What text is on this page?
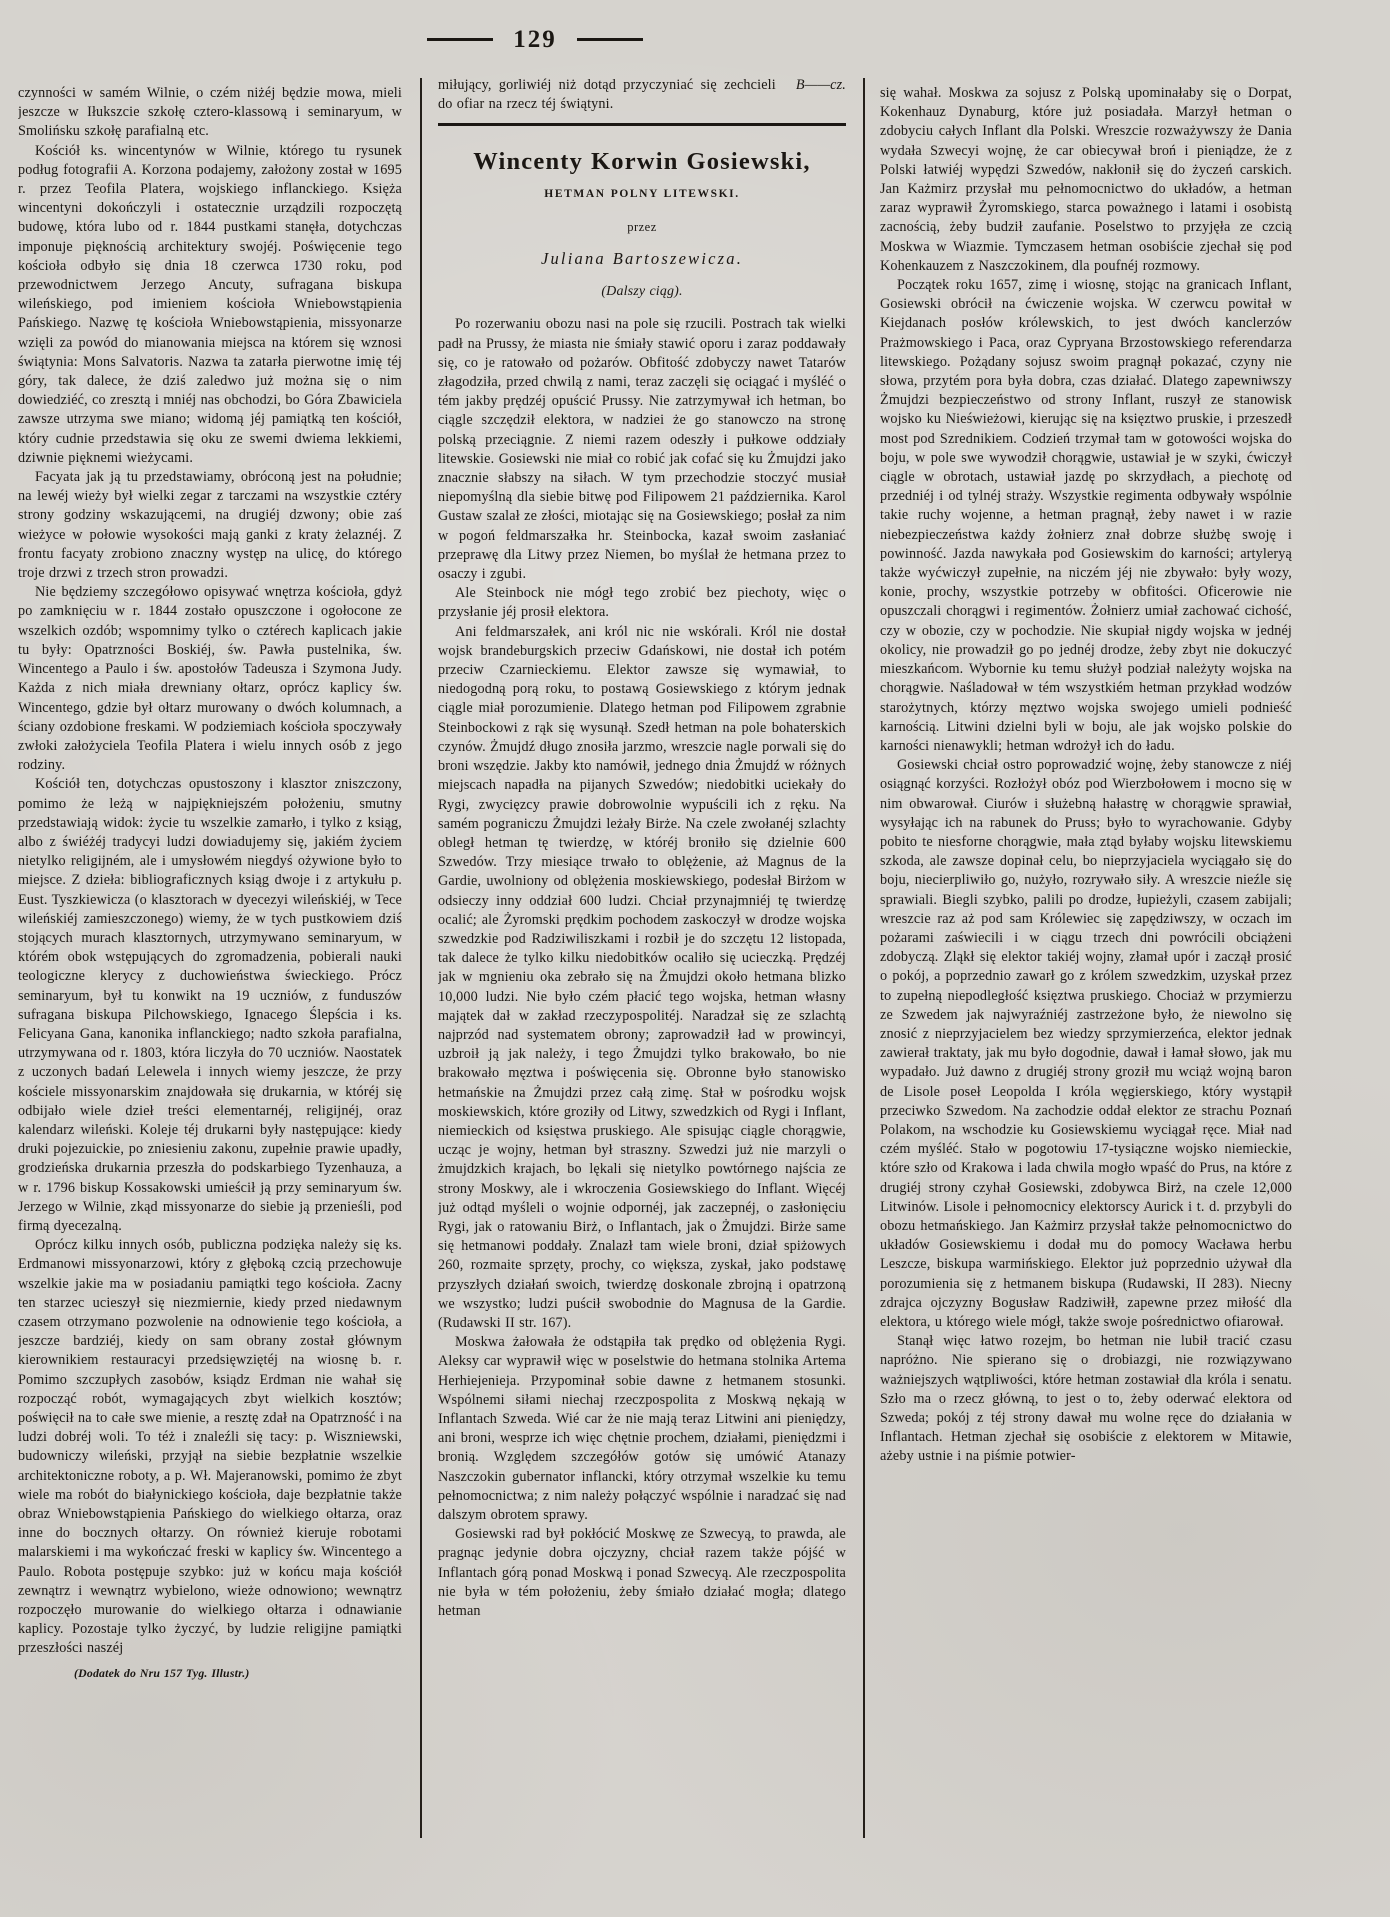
129

czynności w samém Wilnie, o czém niżéj będzie mowa, mieli jeszcze w Iłukszcie szkołę cztero-klassową i seminaryum, w Smolińsku szkołę parafialną etc.

Kościół ks. wincentynów w Wilnie, którego tu rysunek podług fotografii A. Korzona podajemy, założony został w 1695 r. przez Teofila Platera, wojskiego inflanckiego. Księża wincentyni dokończyli i ostatecznie urządzili rozpoczętą budowę, która lubo od r. 1844 pustkami stanęła, dotychczas imponuje pięknością architektury swojéj. Poświęcenie tego kościoła odbyło się dnia 18 czerwca 1730 roku, pod przewodnictwem Jerzego Ancuty, sufragana biskupa wileńskiego, pod imieniem kościoła Wniebowstąpienia Pańskiego. Nazwę tę kościoła Wniebowstąpienia, missyonarze wzięli za powód do mianowania miejsca na którem się wznosi świątynia: Mons Salvatoris. Nazwa ta zatarła pierwotne imię téj góry, tak dalece, że dziś zaledwo już można się o nim dowiedziéć, co zresztą i mniéj nas obchodzi, bo Góra Zbawiciela zawsze utrzyma swe miano; widomą jéj pamiątką ten kościół, który cudnie przedstawia się oku ze swemi dwiema lekkiemi, dziwnie pięknemi wieżycami.

Facyata jak ją tu przedstawiamy, obróconą jest na południe; na lewéj wieży był wielki zegar z tarczami na wszystkie cztéry strony godziny wskazującemi, na drugiéj dzwony; obie zaś wieżyce w połowie wysokości mają ganki z kraty żelaznéj. Z frontu facyaty zrobiono znaczny występ na ulicę, do którego troje drzwi z trzech stron prowadzi.

Nie będziemy szczegółowo opisywać wnętrza kościoła, gdyż po zamknięciu w r. 1844 zostało opuszczone i ogołocone ze wszelkich ozdób; wspomnimy tylko o cztérech kaplicach jakie tu były: Opatrzności Boskiéj, św. Pawła pustelnika, św. Wincentego a Paulo i św. apostołów Tadeusza i Szymona Judy. Każda z nich miała drewniany ołtarz, oprócz kaplicy św. Wincentego, gdzie był ołtarz murowany o dwóch kolumnach, a ściany ozdobione freskami. W podziemiach kościoła spoczywały zwłoki założyciela Teofila Platera i wielu innych osób z jego rodziny.

Kościół ten, dotychczas opustoszony i klasztor zniszczony, pomimo że leżą w najpiękniejszém położeniu, smutny przedstawiają widok: życie tu wszelkie zamarło, i tylko z ksiąg, albo z świéżéj tradycyi ludzi dowiadujemy się, jakiém życiem nietylko religijném, ale i umysłowém niegdyś ożywione było to miejsce. Z dzieła: bibliograficznych ksiąg dwoje i z artykułu p. Eust. Tyszkiewicza (o klasztorach w dyecezyi wileńskiéj, w Tece wileńskiéj zamieszczonego) wiemy, że w tych pustkowiem dziś stojących murach klasztornych, utrzymywano seminaryum, w którém obok wstępujących do zgromadzenia, pobierali nauki teologiczne klerycy z duchowieństwa świeckiego. Prócz seminaryum, był tu konwikt na 19 uczniów, z funduszów sufragana biskupa Pilchowskiego, Ignacego Ślepścia i ks. Felicyana Gana, kanonika inflanckiego; nadto szkoła parafialna, utrzymywana od r. 1803, która liczyła do 70 uczniów. Naostatek z uczonych badań Lelewela i innych wiemy jeszcze, że przy kościele missyonarskim znajdowała się drukarnia, w któréj się odbijało wiele dzieł treści elementarnéj, religijnéj, oraz kalendarz wileński. Koleje téj drukarni były następujące: kiedy druki pojezuickie, po zniesieniu zakonu, zupełnie prawie upadły, grodzieńska drukarnia przeszła do podskarbiego Tyzenhauza, a w r. 1796 biskup Kossakowski umieścił ją przy seminaryum św. Jerzego w Wilnie, zkąd missyonarze do siebie ją przenieśli, pod firmą dyecezalną.

Oprócz kilku innych osób, publiczna podzięka należy się ks. Erdmanowi missyonarzowi, który z głęboką czcią przechowuje wszelkie jakie ma w posiadaniu pamiątki tego kościoła. Zacny ten starzec ucieszył się niezmiernie, kiedy przed niedawnym czasem otrzymano pozwolenie na odnowienie tego kościoła, a jeszcze bardziéj, kiedy on sam obrany został głównym kierownikiem restauracyi przedsięwziętéj na wiosnę b. r. Pomimo szczupłych zasobów, ksiądz Erdman nie wahał się rozpocząć robót, wymagających zbyt wielkich kosztów; poświęcił na to całe swe mienie, a resztę zdał na Opatrzność i na ludzi dobréj woli. To téż i znaleźli się tacy: p. Wiszniewski, budowniczy wileński, przyjął na siebie bezpłatnie wszelkie architektoniczne roboty, a p. Wł. Majeranowski, pomimo że zbyt wiele ma robót do białynickiego kościoła, daje bezpłatnie także obraz Wniebowstąpienia Pańskiego do wielkiego ołtarza, oraz inne do bocznych ołtarzy. On również kieruje robotami malarskiemi i ma wykończać freski w kaplicy św. Wincentego a Paulo. Robota postępuje szybko: już w końcu maja kościół zewnątrz i wewnątrz wybielono, wieże odnowiono; wewnątrz rozpoczęło murowanie do wielkiego ołtarza i odnawianie kaplicy. Pozostaje tylko życzyć, by ludzie religijne pamiątki przeszłości naszéj

(Dodatek do Nru 157 Tyg. Illustr.)

B——cz.
miłujący, gorliwiéj niż dotąd przyczyniać się zechcieli do ofiar na rzecz téj świątyni.

Wincenty Korwin Gosiewski,
HETMAN POLNY LITEWSKI.
przez
Juliana Bartoszewicza.
(Dalszy ciąg).

Po rozerwaniu obozu nasi na pole się rzucili. Postrach tak wielki padł na Prussy, że miasta nie śmiały stawić oporu i zaraz poddawały się, co je ratowało od pożarów. Obfitość zdobyczy nawet Tatarów złagodziła, przed chwilą z nami, teraz zaczęli się ociągać i myśléć o tém jakby prędzéj opuścić Prussy. Nie zatrzymywał ich hetman, bo ciągle szczędził elektora, w nadziei że go stanowczo na stronę polską przeciągnie. Z niemi razem odeszły i pułkowe oddziały litewskie. Gosiewski nie miał co robić jak cofać się ku Żmujdzi jako znacznie słabszy na siłach. W tym przechodzie stoczyć musiał niepomyślną dla siebie bitwę pod Filipowem 21 października. Karol Gustaw szalał ze złości, miotając się na Gosiewskiego; posłał za nim w pogoń feldmarszałka hr. Steinbocka, kazał swoim zasłaniać przeprawę dla Litwy przez Niemen, bo myślał że hetmana przez to osaczy i zgubi.

Ale Steinbock nie mógł tego zrobić bez piechoty, więc o przysłanie jéj prosił elektora.

Ani feldmarszałek, ani król nic nie wskórali. Król nie dostał wojsk brandeburgskich przeciw Gdańskowi, nie dostał ich potém przeciw Czarnieckiemu. Elektor zawsze się wymawiał, to niedogodną porą roku, to postawą Gosiewskiego z którym jednak ciągle miał porozumienie. Dlatego hetman pod Filipowem zgrabnie Steinbockowi z rąk się wysunął. Szedł hetman na pole bohaterskich czynów. Żmujdź długo znosiła jarzmo, wreszcie nagle porwali się do broni wszędzie. Jakby kto namówił, jednego dnia Żmujdź w różnych miejscach napadła na pijanych Szwedów; niedobitki uciekały do Rygi, zwycięzcy prawie dobrowolnie wypuścili ich z ręku. Na samém pograniczu Żmujdzi leżały Birże. Na czele zwołanéj szlachty obległ hetman tę twierdzę, w któréj broniło się dzielnie 600 Szwedów. Trzy miesiące trwało to oblężenie, aż Magnus de la Gardie, uwolniony od oblężenia moskiewskiego, podesłał Birżom w odsieczy inny oddział 600 ludzi. Chciał przynajmniéj tę twierdzę ocalić; ale Żyromski prędkim pochodem zaskoczył w drodze wojska szwedzkie pod Radziwiliszkami i rozbił je do szczętu 12 listopada, tak dalece że tylko kilku niedobitków ocaliło się ucieczką. Prędzéj jak w mgnieniu oka zebrało się na Żmujdzi około hetmana blizko 10,000 ludzi. Nie było czém płacić tego wojska, hetman własny majątek dał w zakład rzeczypospolitéj. Naradzał się ze szlachtą najprzód nad systematem obrony; zaprowadził ład w prowincyi, uzbroił ją jak należy, i tego Żmujdzi tylko brakowało, bo nie brakowało męztwa i poświęcenia się. Obronne było stanowisko hetmańskie na Żmujdzi przez całą zimę. Stał w pośrodku wojsk moskiewskich, które groziły od Litwy, szwedzkich od Rygi i Inflant, niemieckich od księstwa pruskiego. Ale spisując ciągle chorągwie, ucząc je wojny, hetman był straszny. Szwedzi już nie marzyli o żmujdzkich krajach, bo lękali się nietylko powtórnego najścia ze strony Moskwy, ale i wkroczenia Gosiewskiego do Inflant. Więcéj już odtąd myśleli o wojnie odpornéj, jak zaczepnéj, o zasłonięciu Rygi, jak o ratowaniu Birż, o Inflantach, jak o Żmujdzi. Birże same się hetmanowi poddały. Znalazł tam wiele broni, dział spiżowych 260, rozmaite sprzęty, prochy, co większa, zyskał, jako podstawę przyszłych działań swoich, twierdzę doskonale zbrojną i opatrzoną we wszystko; ludzi puścił swobodnie do Magnusa de la Gardie. (Rudawski II str. 167).

Moskwa żałowała że odstąpiła tak prędko od oblężenia Rygi. Aleksy car wyprawił więc w poselstwie do hetmana stolnika Artema Herhiejenieja. Przypominał sobie dawne z hetmanem stosunki. Wspólnemi siłami niechaj rzeczpospolita z Moskwą nękają w Inflantach Szweda. Wié car że nie mają teraz Litwini ani pieniędzy, ani broni, wesprze ich więc chętnie prochem, działami, pieniędzmi i bronią. Względem szczegółów gotów się umówić Atanazy Naszczokin gubernator inflancki, który otrzymał wszelkie ku temu pełnomocnictwa; z nim należy połączyć wspólnie i naradzać się nad dalszym obrotem sprawy.

Gosiewski rad był pokłócić Moskwę ze Szwecyą, to prawda, ale pragnąc jedynie dobra ojczyzny, chciał razem także pójść w Inflantach górą ponad Moskwą i ponad Szwecyą. Ale rzeczpospolita nie była w tém położeniu, żeby śmiało działać mogła; dlatego hetman

się wahał. Moskwa za sojusz z Polską upominałaby się o Dorpat, Kokenhauz Dynaburg, które już posiadała. Marzył hetman o zdobyciu całych Inflant dla Polski. Wreszcie rozważywszy że Dania wydała Szwecyi wojnę, że car obiecywał broń i pieniądze, że z Polski łatwiéj wypędzi Szwedów, nakłonił się do życzeń carskich. Jan Każmirz przysłał mu pełnomocnictwo do układów, a hetman zaraz wyprawił Żyromskiego, starca poważnego i latami i osobistą zacnością, żeby budził zaufanie. Poselstwo to przyjęła ze czcią Moskwa w Wiazmie. Tymczasem hetman osobiście zjechał się pod Kohenkauzem z Naszczokinem, dla poufnéj rozmowy.

Początek roku 1657, zimę i wiosnę, stojąc na granicach Inflant, Gosiewski obrócił na ćwiczenie wojska. W czerwcu powitał w Kiejdanach posłów królewskich, to jest dwóch kanclerzów Prażmowskiego i Paca, oraz Cypryana Brzostowskiego referendarza litewskiego. Pożądany sojusz swoim pragnął pokazać, czyny nie słowa, przytém pora była dobra, czas działać. Dlatego zapewniwszy Żmujdzi bezpieczeństwo od strony Inflant, ruszył ze stanowisk wojsko ku Nieświeżowi, kierując się na księztwo pruskie, i przeszedł most pod Szrednikiem. Codzień trzymał tam w gotowości wojska do boju, w pole swe wywodził chorągwie, ustawiał je w szyki, ćwiczył ciągle w obrotach, ustawiał jazdę po skrzydłach, a piechotę od przedniéj i od tylnéj straży. Wszystkie regimenta odbywały wspólnie takie ruchy wojenne, a hetman pragnął, żeby nawet i w razie niebezpieczeństwa każdy żołnierz znał dobrze służbę swoję i powinność. Jazda nawykała pod Gosiewskim do karności; artyleryą także wyćwiczył zupełnie, na niczém jéj nie zbywało: były wozy, konie, prochy, wszystkie potrzeby w obfitości. Oficerowie nie opuszczali chorągwi i regimentów. Żołnierz umiał zachować cichość, czy w obozie, czy w pochodzie. Nie skupiał nigdy wojska w jednéj okolicy, nie prowadził go po jednéj drodze, żeby zbyt nie dokuczyć mieszkańcom. Wybornie ku temu służył podział należyty wojska na chorągwie. Naśladował w tém wszystkiém hetman przykład wodzów starożytnych, którzy męztwo wojska swojego umieli podnieść karnością. Litwini dzielni byli w boju, ale jak wojsko polskie do karności nienawykli; hetman wdrożył ich do ładu.

Gosiewski chciał ostro poprowadzić wojnę, żeby stanowcze z niéj osiągnąć korzyści. Rozłożył obóz pod Wierzbołowem i mocno się w nim obwarował. Ciurów i służebną hałastrę w chorągwie sprawiał, wysyłając ich na rabunek do Pruss; było to wyrachowanie. Gdyby pobito te niesforne chorągwie, mała ztąd byłaby wojsku litewskiemu szkoda, ale zawsze dopinał celu, bo nieprzyjaciela wyciągało się do boju, niecierpliwiło go, nużyło, rozrywało siły. A wreszcie nieźle się sprawiali. Biegli szybko, palili po drodze, łupieżyli, czasem zabijali; wreszcie raz aż pod sam Królewiec się zapędziwszy, w oczach im pożarami zaświecili i w ciągu trzech dni powrócili obciążeni zdobyczą. Zląkł się elektor takiéj wojny, złamał upór i zaczął prosić o pokój, a poprzednio zawarł go z królem szwedzkim, uzyskał przez to zupełną niepodległość księztwa pruskiego. Chociaż w przymierzu ze Szwedem jak najwyraźniéj zastrzeżone było, że niewolno się znosić z nieprzyjacielem bez wiedzy sprzymierzeńca, elektor jednak zawierał traktaty, jak mu było dogodnie, dawał i łamał słowo, jak mu wypadało. Już dawno z drugiéj strony groził mu wciąż wojną baron de Lisole poseł Leopolda I króla węgierskiego, który wystąpił przeciwko Szwedom. Na zachodzie oddał elektor ze strachu Poznań Polakom, na wschodzie ku Gosiewskiemu wyciągał ręce. Miał nad czém myśléć. Stało w pogotowiu 17-tysiączne wojsko niemieckie, które szło od Krakowa i lada chwila mogło wpaść do Prus, na które z drugiéj strony czyhał Gosiewski, zdobywca Birż, na czele 12,000 Litwinów. Lisole i pełnomocnicy elektorscy Aurick i t. d. przybyli do obozu hetmańskiego. Jan Każmirz przysłał także pełnomocnictwo do układów Gosiewskiemu i dodał mu do pomocy Wacława herbu Leszcze, biskupa warmińskiego. Elektor już poprzednio używał dla porozumienia się z hetmanem biskupa (Rudawski, II 283). Niecny zdrajca ojczyzny Bogusław Radziwiłł, zapewne przez miłość dla elektora, u którego wiele mógł, także swoje pośrednictwo ofiarował.

Stanął więc łatwo rozejm, bo hetman nie lubił tracić czasu napróżno. Nie spierano się o drobiazgi, nie rozwiązywano ważniejszych wątpliwości, które hetman zostawiał dla króla i senatu. Szło ma o rzecz główną, to jest o to, żeby oderwać elektora od Szweda; pokój z téj strony dawał mu wolne ręce do działania w Inflantach. Hetman zjechał się osobiście z elektorem w Mitawie, ażeby ustnie i na piśmie potwier-
